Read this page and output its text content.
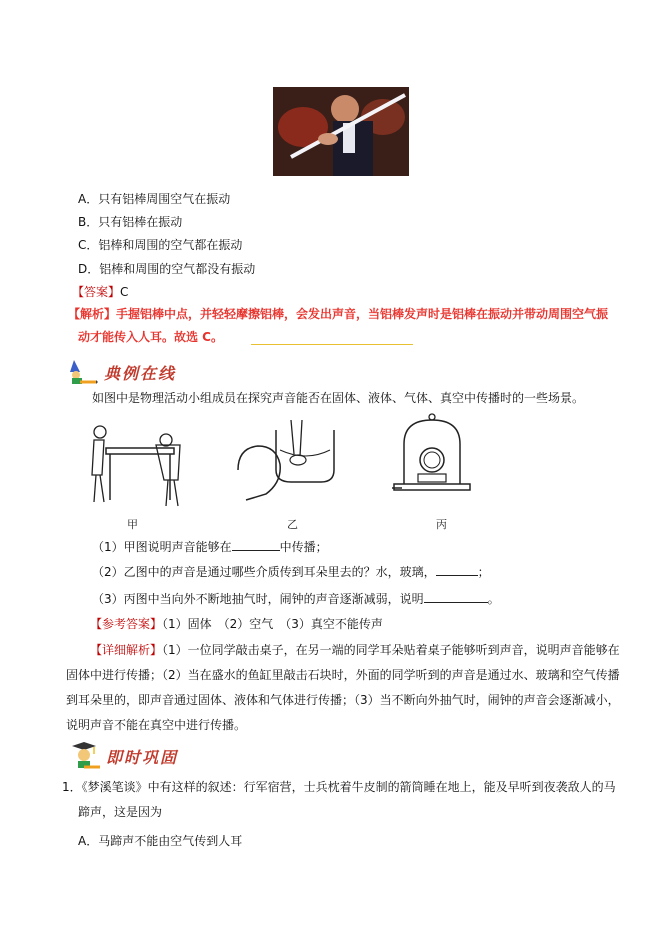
A．只有铝棒周围空气在振动
B．只有铝棒在振动
C．铝棒和周围的空气都在振动
D．铝棒和周围的空气都没有振动
【答案】C
【解析】手握铝棒中点，并轻轻摩擦铝棒，会发出声音，当铝棒发声时是铝棒在振动并带动周围空气振
动才能传入人耳。故选 C。
典例在线
如图中是物理活动小组成员在探究声音能否在固体、液体、气体、真空中传播时的一些场景。
甲	乙	丙
（1）甲图说明声音能够在	中传播；
（2）乙图中的声音是通过哪些介质传到耳朵里去的？水，玻璃，	；
（3）丙图中当向外不断地抽气时，闹钟的声音逐渐减弱，说明	。
【参考答案】（1）固体　（2）空气　（3）真空不能传声
【详细解析】（1）一位同学敲击桌子，在另一端的同学耳朵贴着桌子能够听到声音，说明声音能够在
固体中进行传播；（2）当在盛水的鱼缸里敲击石块时，外面的同学听到的声音是通过水、玻璃和空气传播
到耳朵里的，即声音通过固体、液体和气体进行传播；（3）当不断向外抽气时，闹钟的声音会逐渐减小，
说明声音不能在真空中进行传播。
即时巩固
1．《梦溪笔谈》中有这样的叙述：行军宿营，士兵枕着牛皮制的箭筒睡在地上，能及早听到夜袭敌人的马
蹄声，这是因为
A．马蹄声不能由空气传到人耳
